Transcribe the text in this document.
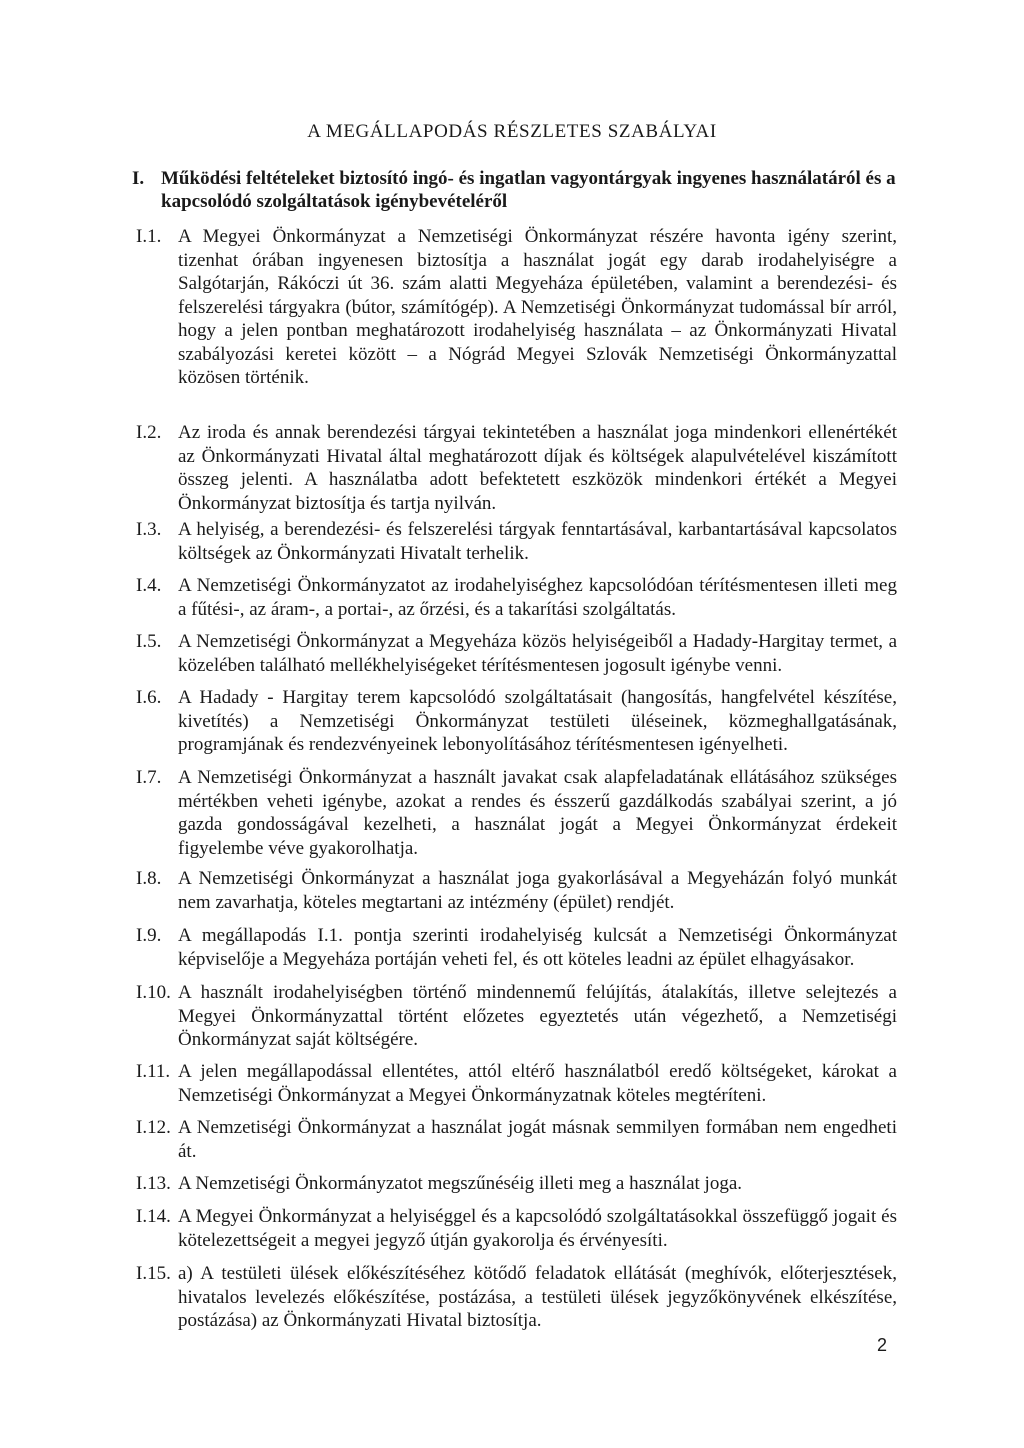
A MEGÁLLAPODÁS RÉSZLETES SZABÁLYAI
I. Működési feltételeket biztosító ingó- és ingatlan vagyontárgyak ingyenes használatáról és a kapcsolódó szolgáltatások igénybevételéről
I.1. A Megyei Önkormányzat a Nemzetiségi Önkormányzat részére havonta igény szerint, tizenhat órában ingyenesen biztosítja a használat jogát egy darab irodahelyiségre a Salgótarján, Rákóczi út 36. szám alatti Megyeháza épületében, valamint a berendezési- és felszerelési tárgyakra (bútor, számítógép). A Nemzetiségi Önkormányzat tudomással bír arról, hogy a jelen pontban meghatározott irodahelyiség használata – az Önkormányzati Hivatal szabályozási keretei között – a Nógrád Megyei Szlovák Nemzetiségi Önkormányzattal közösen történik.
I.2. Az iroda és annak berendezési tárgyai tekintetében a használat joga mindenkori ellenértékét az Önkormányzati Hivatal által meghatározott díjak és költségek alapulvételével kiszámított összeg jelenti. A használatba adott befektetett eszközök mindenkori értékét a Megyei Önkormányzat biztosítja és tartja nyilván.
I.3. A helyiség, a berendezési- és felszerelési tárgyak fenntartásával, karbantartásával kapcsolatos költségek az Önkormányzati Hivatalt terhelik.
I.4. A Nemzetiségi Önkormányzatot az irodahelyiséghez kapcsolódóan térítésmentesen illeti meg a fűtési-, az áram-, a portai-, az őrzési, és a takarítási szolgáltatás.
I.5. A Nemzetiségi Önkormányzat a Megyeháza közös helyiségeiből a Hadady-Hargitay termet, a közelében található mellékhelyiségeket térítésmentesen jogosult igénybe venni.
I.6. A Hadady - Hargitay terem kapcsolódó szolgáltatásait (hangosítás, hangfelvétel készítése, kivetítés) a Nemzetiségi Önkormányzat testületi üléseinek, közmeghallgatásának, programjának és rendezvényeinek lebonyolításához térítésmentesen igényelheti.
I.7. A Nemzetiségi Önkormányzat a használt javakat csak alapfeladatának ellátásához szükséges mértékben veheti igénybe, azokat a rendes és ésszerű gazdálkodás szabályai szerint, a jó gazda gondosságával kezelheti, a használat jogát a Megyei Önkormányzat érdekeit figyelembe véve gyakorolhatja.
I.8. A Nemzetiségi Önkormányzat a használat joga gyakorlásával a Megyeházán folyó munkát nem zavarhatja, köteles megtartani az intézmény (épület) rendjét.
I.9. A megállapodás I.1. pontja szerinti irodahelyiség kulcsát a Nemzetiségi Önkormányzat képviselője a Megyeháza portáján veheti fel, és ott köteles leadni az épület elhagyásakor.
I.10. A használt irodahelyiségben történő mindennemű felújítás, átalakítás, illetve selejtezés a Megyei Önkormányzattal történt előzetes egyeztetés után végezhető, a Nemzetiségi Önkormányzat saját költségére.
I.11. A jelen megállapodással ellentétes, attól eltérő használatból eredő költségeket, károkat a Nemzetiségi Önkormányzat a Megyei Önkormányzatnak köteles megtéríteni.
I.12. A Nemzetiségi Önkormányzat a használat jogát másnak semmilyen formában nem engedheti át.
I.13. A Nemzetiségi Önkormányzatot megszűnéséig illeti meg a használat joga.
I.14. A Megyei Önkormányzat a helyiséggel és a kapcsolódó szolgáltatásokkal összefüggő jogait és kötelezettségeit a megyei jegyző útján gyakorolja és érvényesíti.
I.15. a) A testületi ülések előkészítéséhez kötődő feladatok ellátását (meghívók, előterjesztések, hivatalos levelezés előkészítése, postázása, a testületi ülések jegyzőkönyvének elkészítése, postázása) az Önkormányzati Hivatal biztosítja.
2
